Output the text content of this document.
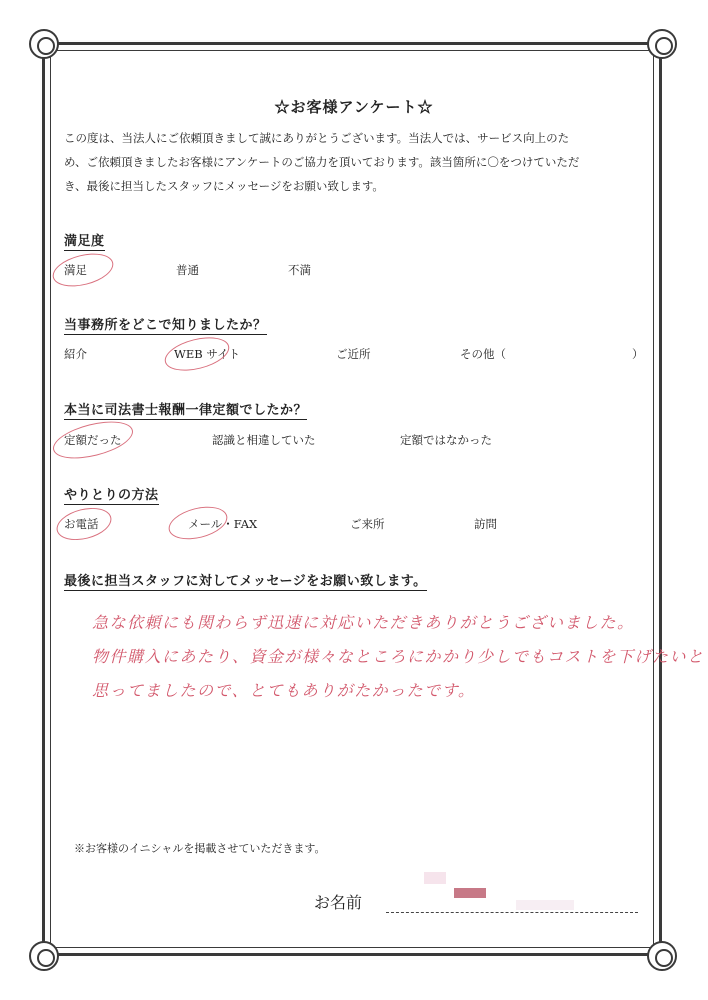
☆お客様アンケート☆

この度は、当法人にご依頼頂きまして誠にありがとうございます。当法人では、サービス向上のた

め、ご依頼頂きましたお客様にアンケートのご協力を頂いております。該当箇所に〇をつけていただ

き、最後に担当したスタッフにメッセージをお願い致します。

満足度
満足	普通	不満
当事務所をどこで知りましたか？
紹介	WEB サイト	ご近所	その他（	）
本当に司法書士報酬一律定額でしたか？
定額だった	認識と相違していた	定額ではなかった
やりとりの方法
お電話	メール・FAX	ご来所	訪問
最後に担当スタッフに対してメッセージをお願い致します。
急な依頼にも関わらず迅速に対応いただきありがとうございました。
物件購入にあたり、資金が様々なところにかかり少しでもコストを下げたいと
思ってましたので、とてもありがたかったです。
※お客様のイニシャルを掲載させていただきます。
お名前
